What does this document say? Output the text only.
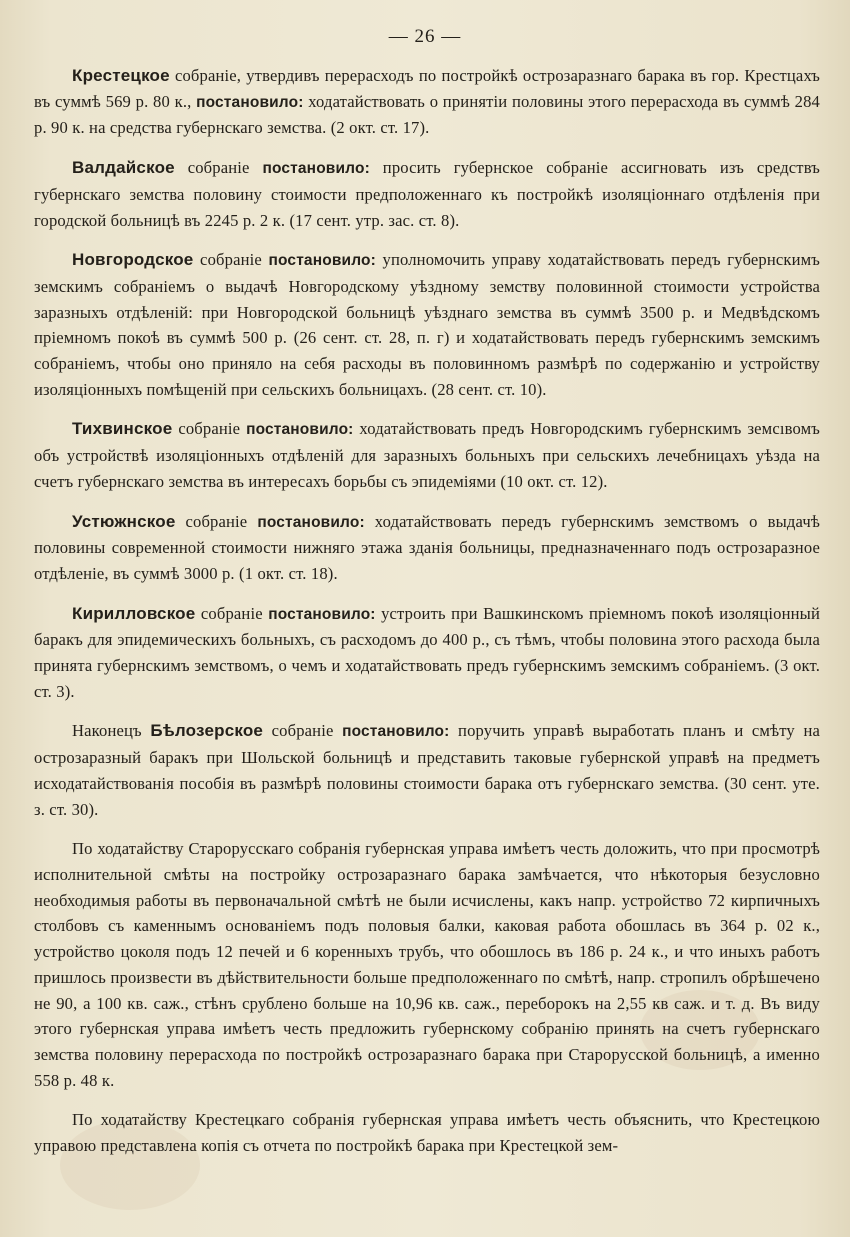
— 26 —

Крестецкое собраніе, утвердивъ перерасходъ по постройкѣ острозаразнаго барака въ гор. Крестцахъ въ суммѣ 569 р. 80 к., постановило: ходатайствовать о принятіи половины этого перерасхода въ суммѣ 284 р. 90 к. на средства губернскаго земства. (2 окт. ст. 17).

Валдайское собраніе постановило: просить губернское собраніе ассигновать изъ средствъ губернскаго земства половину стоимости предположеннаго къ постройкѣ изоляціоннаго отдѣленія при городской больницѣ въ 2245 р. 2 к. (17 сент. утр. зас. ст. 8).

Новгородское собраніе постановило: уполномочить управу ходатайствовать передъ губернскимъ земскимъ собраніемъ о выдачѣ Новгородскому уѣздному земству половинной стоимости устройства заразныхъ отдѣленій: при Новгородской больницѣ уѣзднаго земства въ суммѣ 3500 р. и Медвѣдскомъ пріемномъ покоѣ въ суммѣ 500 р. (26 сент. ст. 28, п. г) и ходатайствовать передъ губернскимъ земскимъ собраніемъ, чтобы оно приняло на себя расходы въ половинномъ размѣрѣ по содержанію и устройству изоляціонныхъ помѣщеній при сельскихъ больницахъ. (28 сент. ст. 10).

Тихвинское собраніе постановило: ходатайствовать предъ Новгородскимъ губернскимъ земсıвомъ объ устройствѣ изоляціонныхъ отдѣленій для заразныхъ больныхъ при сельскихъ лечебницахъ уѣзда на счетъ губернскаго земства въ интересахъ борьбы съ эпидеміями (10 окт. ст. 12).

Устюжнское собраніе постановило: ходатайствовать передъ губернскимъ земствомъ о выдачѣ половины современной стоимости нижняго этажа зданія больницы, предназначеннаго подъ острозаразное отдѣленіе, въ суммѣ 3000 р. (1 окт. ст. 18).

Кирилловское собраніе постановило: устроить при Вашкинскомъ пріемномъ покоѣ изоляціонный баракъ для эпидемическихъ больныхъ, съ расходомъ до 400 р., съ тѣмъ, чтобы половина этого расхода была принята губернскимъ земствомъ, о чемъ и ходатайствовать предъ губернскимъ земскимъ собраніемъ. (3 окт. ст. 3).

Наконецъ Бѣлозерское собраніе постановило: поручить управѣ выработать планъ и смѣту на острозаразный баракъ при Шольской больницѣ и представить таковые губернской управѣ на предметъ исходатайствованія пособія въ размѣрѣ половины стоимости барака отъ губернскаго земства. (30 сент. уте. з. ст. 30).

По ходатайству Старорусскаго собранія губернская управа имѣетъ честь доложить, что при просмотрѣ исполнительной смѣты на постройку острозаразнаго барака замѣчается, что нѣкоторыя безусловно необходимыя работы въ первоначальной смѣтѣ не были исчислены, какъ напр. устройство 72 кирпичныхъ столбовъ съ каменнымъ основаніемъ подъ половыя балки, каковая работа обошлась въ 364 р. 02 к., устройство цоколя подъ 12 печей и 6 коренныхъ трубъ, что обошлось въ 186 р. 24 к., и что иныхъ работъ пришлось произвести въ дѣйствительности больше предположеннаго по смѣтѣ, напр. стропилъ обрѣшечено не 90, а 100 кв. саж., стѣнъ срублено больше на 10,96 кв. саж., переборокъ на 2,55 кв саж. и т. д. Въ виду этого губернская управа имѣетъ честь предложить губернскому собранію принять на счетъ губернскаго земства половину перерасхода по постройкѣ острозаразнаго барака при Старорусской больницѣ, а именно 558 р. 48 к.

По ходатайству Крестецкаго собранія губернская управа имѣетъ честь объяснить, что Крестецкою управою представлена копія съ отчета по постройкѣ барака при Крестецкой зем-
